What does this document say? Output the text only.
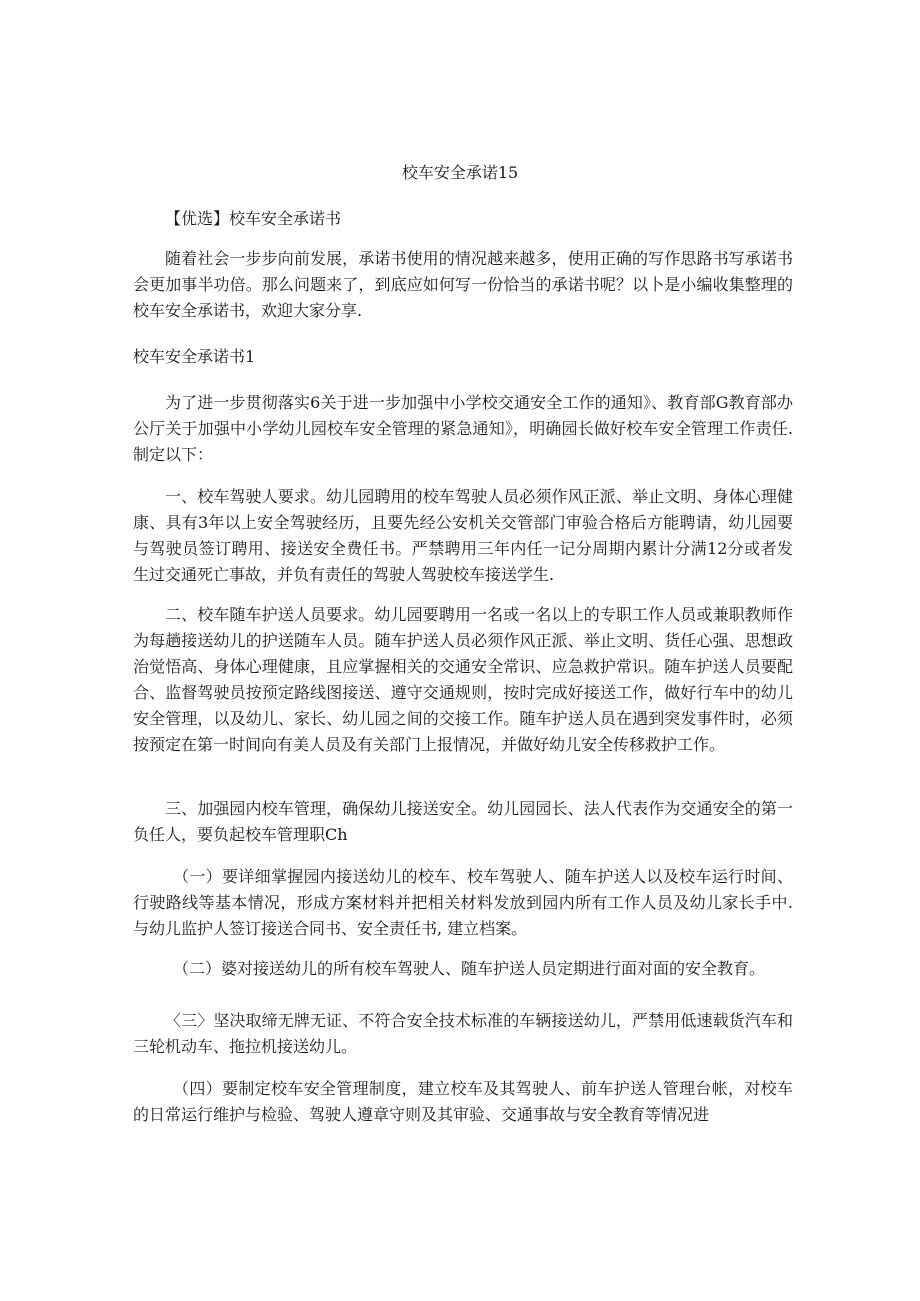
校车安全承诺15

【优选】校车安全承诺书

随着社会一步步向前发展，承诺书使用的情况越来越多，使用正确的写作思路书写承诺书会更加事半功倍。那么问题来了，到底应如何写一份恰当的承诺书呢？以卜是小编收集整理的校车安全承诺书，欢迎大家分享.

校车安全承诺书1

为了进一步贯彻落实6关于进一步加强中小学校交通安全工作的通知》、教育部G教育部办公厅关于加强中小学幼儿园校车安全管理的紧急通知》，明确园长做好校车安全管理工作责任. 制定以下：

一、校车驾驶人要求。幼儿园聘用的校车驾驶人员必须作风正派、举止文明、身体心理健康、具有3年以上安全驾驶经历，且要先经公安机关交管部门审验合格后方能聘请，幼儿园要与驾驶员签订聘用、接送安全费任书。严禁聘用三年内任一记分周期内累计分满12分或者发生过交通死亡事故，并负有责任的驾驶人驾驶校车接送学生.

二、校车随车护送人员要求。幼儿园要聘用一名或一名以上的专职工作人员或兼职教师作为每趟接送幼儿的护送随车人员。随车护送人员必须作风正派、举止文明、货任心强、思想政治觉悟高、身体心理健康，且应掌握相关的交通安全常识、应急救护常识。随车护送人员要配合、监督驾驶员按预定路线图接送、遵守交通规则，按时完成好接送工作，做好行车中的幼儿安全管理，以及幼儿、家长、幼儿园之间的交接工作。随车护送人员在遇到突发事件时，必须按预定在第一时间向有美人员及有关部门上报情况，并做好幼儿安全传移救护工作。

三、加强园内校车管理，确保幼儿接送安全。幼儿园园长、法人代表作为交通安全的第一负任人，要负起校车管理职Ch

（一）要详细掌握园内接送幼儿的校车、校车驾驶人、随车护送人以及校车运行时间、行驶路线等基本情况，形成方案材料并把相关材料发放到园内所有工作人员及幼儿家长手中. 与幼儿监护人签订接送合同书、安全责任书, 建立档案。

（二）婆对接送幼儿的所有校车驾驶人、随车护送人员定期进行面对面的安全教育。

〈三〉坚决取缔无牌无证、不符合安全技术标准的车辆接送幼儿，严禁用低速载货汽车和三轮机动车、拖拉机接送幼儿。

（四）要制定校车安全管理制度，建立校车及其驾驶人、前车护送人管理台帐，对校车的日常运行维护与检验、驾驶人遵章守则及其审验、交通事故与安全教育等情况进
